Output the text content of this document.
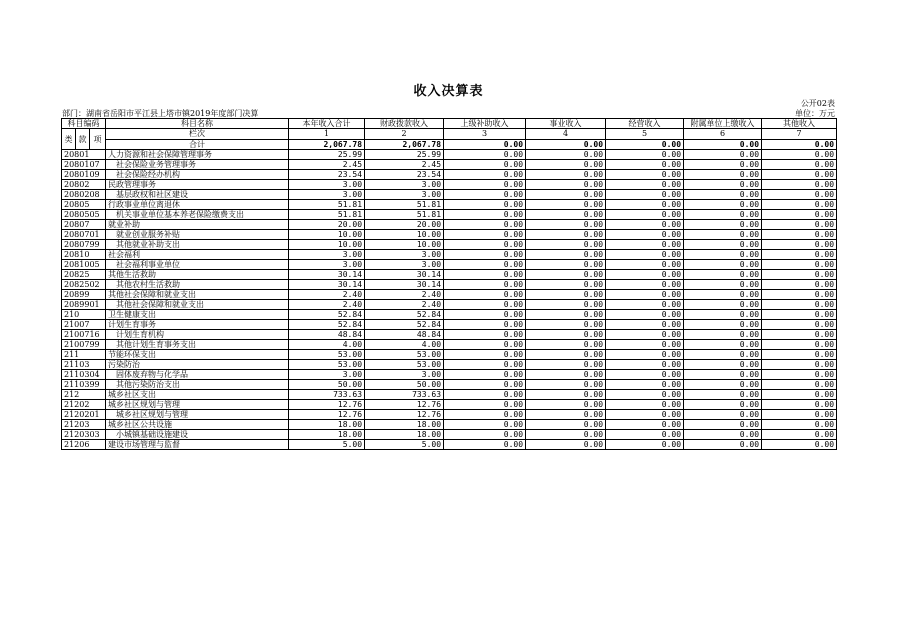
收入决算表
部门：湖南省岳阳市平江县上塔市镇2019年度部门决算
公开02表
单位：万元
科目编码			科目名称	本年收入合计	财政拨款收入	上级补助收入	事业收入	经营收入	附属单位上缴收入	其他收入
类	款	项	栏次	1	2	3	4	5	6	7
			合计	2,067.78	2,067.78	0.00	0.00	0.00	0.00	0.00
20801			人力资源和社会保障管理事务	25.99	25.99	0.00	0.00	0.00	0.00	0.00
2080107			　社会保险业务管理事务	2.45	2.45	0.00	0.00	0.00	0.00	0.00
2080109			　社会保险经办机构	23.54	23.54	0.00	0.00	0.00	0.00	0.00
20802			民政管理事务	3.00	3.00	0.00	0.00	0.00	0.00	0.00
2080208			　基层政权和社区建设	3.00	3.00	0.00	0.00	0.00	0.00	0.00
20805			行政事业单位离退休	51.81	51.81	0.00	0.00	0.00	0.00	0.00
2080505			　机关事业单位基本养老保险缴费支出	51.81	51.81	0.00	0.00	0.00	0.00	0.00
20807			就业补助	20.00	20.00	0.00	0.00	0.00	0.00	0.00
2080701			　就业创业服务补贴	10.00	10.00	0.00	0.00	0.00	0.00	0.00
2080799			　其他就业补助支出	10.00	10.00	0.00	0.00	0.00	0.00	0.00
20810			社会福利	3.00	3.00	0.00	0.00	0.00	0.00	0.00
2081005			　社会福利事业单位	3.00	3.00	0.00	0.00	0.00	0.00	0.00
20825			其他生活救助	30.14	30.14	0.00	0.00	0.00	0.00	0.00
2082502			　其他农村生活救助	30.14	30.14	0.00	0.00	0.00	0.00	0.00
20899			其他社会保障和就业支出	2.40	2.40	0.00	0.00	0.00	0.00	0.00
2089901			　其他社会保障和就业支出	2.40	2.40	0.00	0.00	0.00	0.00	0.00
210			卫生健康支出	52.84	52.84	0.00	0.00	0.00	0.00	0.00
21007			计划生育事务	52.84	52.84	0.00	0.00	0.00	0.00	0.00
2100716			　计划生育机构	48.84	48.84	0.00	0.00	0.00	0.00	0.00
2100799			　其他计划生育事务支出	4.00	4.00	0.00	0.00	0.00	0.00	0.00
211			节能环保支出	53.00	53.00	0.00	0.00	0.00	0.00	0.00
21103			污染防治	53.00	53.00	0.00	0.00	0.00	0.00	0.00
2110304			　固体废弃物与化学品	3.00	3.00	0.00	0.00	0.00	0.00	0.00
2110399			　其他污染防治支出	50.00	50.00	0.00	0.00	0.00	0.00	0.00
212			城乡社区支出	733.63	733.63	0.00	0.00	0.00	0.00	0.00
21202			城乡社区规划与管理	12.76	12.76	0.00	0.00	0.00	0.00	0.00
2120201			　城乡社区规划与管理	12.76	12.76	0.00	0.00	0.00	0.00	0.00
21203			城乡社区公共设施	18.00	18.00	0.00	0.00	0.00	0.00	0.00
2120303			　小城镇基础设施建设	18.00	18.00	0.00	0.00	0.00	0.00	0.00
21206			建设市场管理与监督	5.00	5.00	0.00	0.00	0.00	0.00	0.00
